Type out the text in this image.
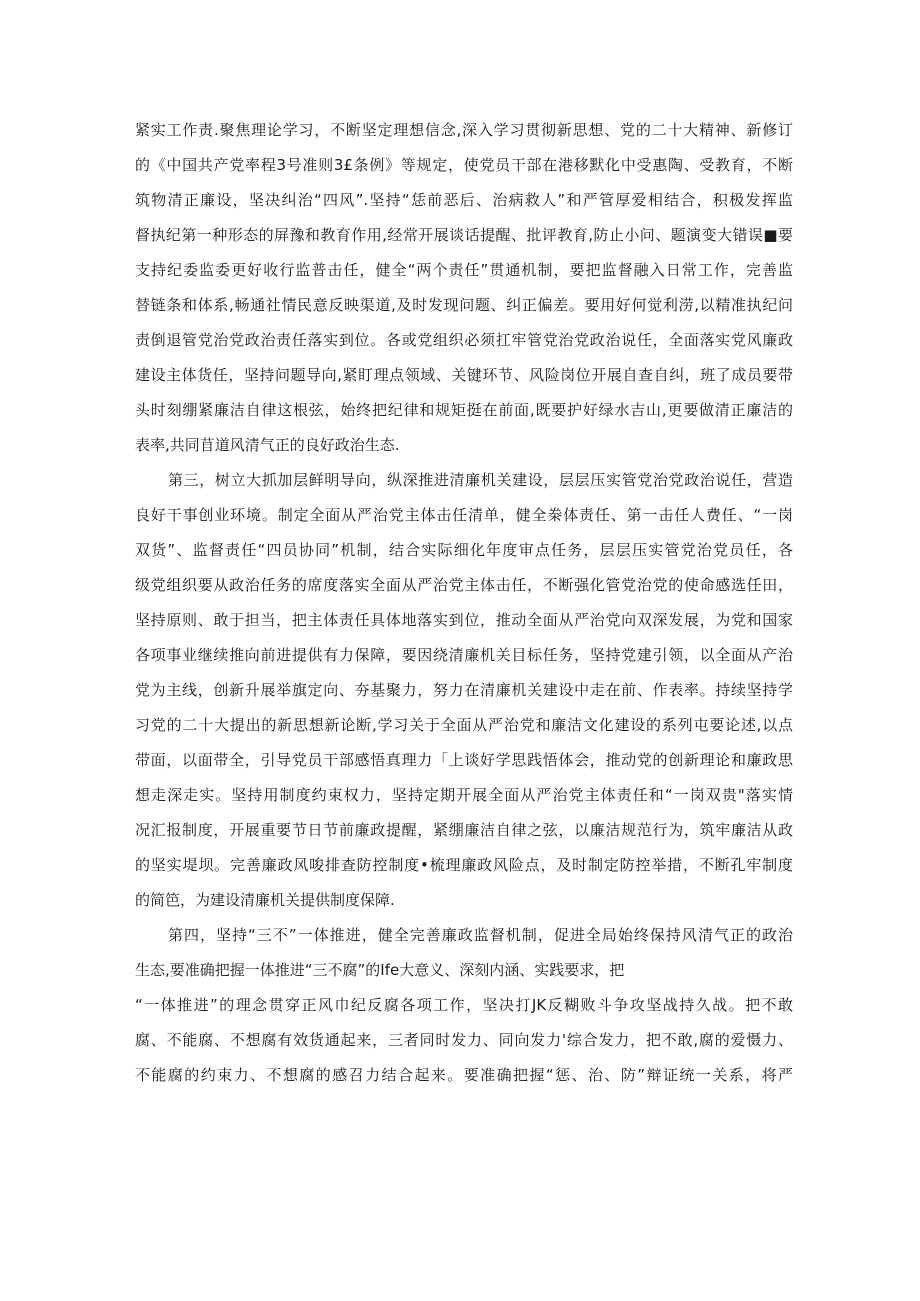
紧实工作责.聚焦理论学习，不断坚定理想信念,深入学习贯彻新思想、党的二十大精神、新修订
的《中国共产党率程3号准则3£条例》等规定，使党员干部在港移默化中受惠陶、受教育，不断
筑物清正廉设，坚决纠治“四风”.坚持“恁前恶后、治病救人”和严管厚爱相结合，积极发挥监
督执纪第一种形态的屏豫和教育作用,经常开展谈话提醒、批评教育,防止小问、题演变大错误■要
支持纪委监委更好收行监普击任，健全“两个责任”贯通机制，要把监督融入日常工作，完善监
替链条和体系,畅通社情民意反映渠道,及时发现问题、纠正偏差。要用好何觉利涝,以精准执纪问
责倒退管党治党政治责任落实到位。各或党组织必须扛牢管党治党政治说任，全面落实党风廉政
建设主体货任，坚持问题导向,紧盯理点领域、关键环节、风险岗位开展自查自纠，班了成员要带
头时刻绷紧廉洁自律这根弦，始终把纪律和规矩挺在前面,既要护好绿水吉山,更要做清正廉洁的
表率,共同苜道风清气正的良好政治生态.
第三，树立大抓加层鲜明导向，纵深推进清廉机关建设，层层压实管党治党政治说任，营造
良好干事创业环境。制定全面从严治党主体击任清单，健全桊体责任、第一击任人费任、“一岗
双货”、监督责任“四员协同”机制，结合实际细化年度审点任务，层层压实管党治党员任，各
级党组织要从政治任务的席度落实全面从严治党主体击任，不断强化管党治党的使命感选任田，
坚持原则、敢于担当，把主体责任具体地落实到位，推动全面从严治党向双深发展，为党和国家
各项事业继续推向前进提供有力保障，要因绕清廉机关目标任务，坚持党建引领，以全面从产治
党为主线，创新升展举旗定向、夯基聚力，努力在清廉机关建设中走在前、作表率。持续坚持学
习党的二十大提出的新思想新论断,学习关于全面从严治党和廉洁文化建设的系列屯要论述,以点
带面，以面带全，引导党员干部感悟真理力「上谈好学思践悟体会，推动党的创新理论和廉政思
想走深走实。坚持用制度约束权力，坚持定期开展全面从严治党主体责任和“一岗双贵"落实情
况汇报制度，开展重要节日节前廉政提醒，紧绷廉洁自律之弦，以廉洁规范行为，筑牢廉洁从政
的坚实堤坝。完善廉政风唆排查防控制度•梳理廉政风险点，及时制定防控举措，不断孔牢制度
的简笆，为建设清廉机关提供制度保障.
第四，坚持“三不”一体推进，健全完善廉政监督机制，促进全局始终保持风清气正的政治
生态,要准确把握一体推进“三不腐”的Ife大意义、深刻内涵、实践要求，把
“一体推进”的理念贯穿正风巾纪反腐各项工作，坚决打JK反糊败斗争攻坚战持久战。把不敢
腐、不能腐、不想腐有效货通起来，三者同时发力、同向发力'综合发力，把不敢,腐的爱慑力、
不能腐的约束力、不想腐的感召力结合起来。要准确把握“惩、治、防”辩证统一关系，将严
